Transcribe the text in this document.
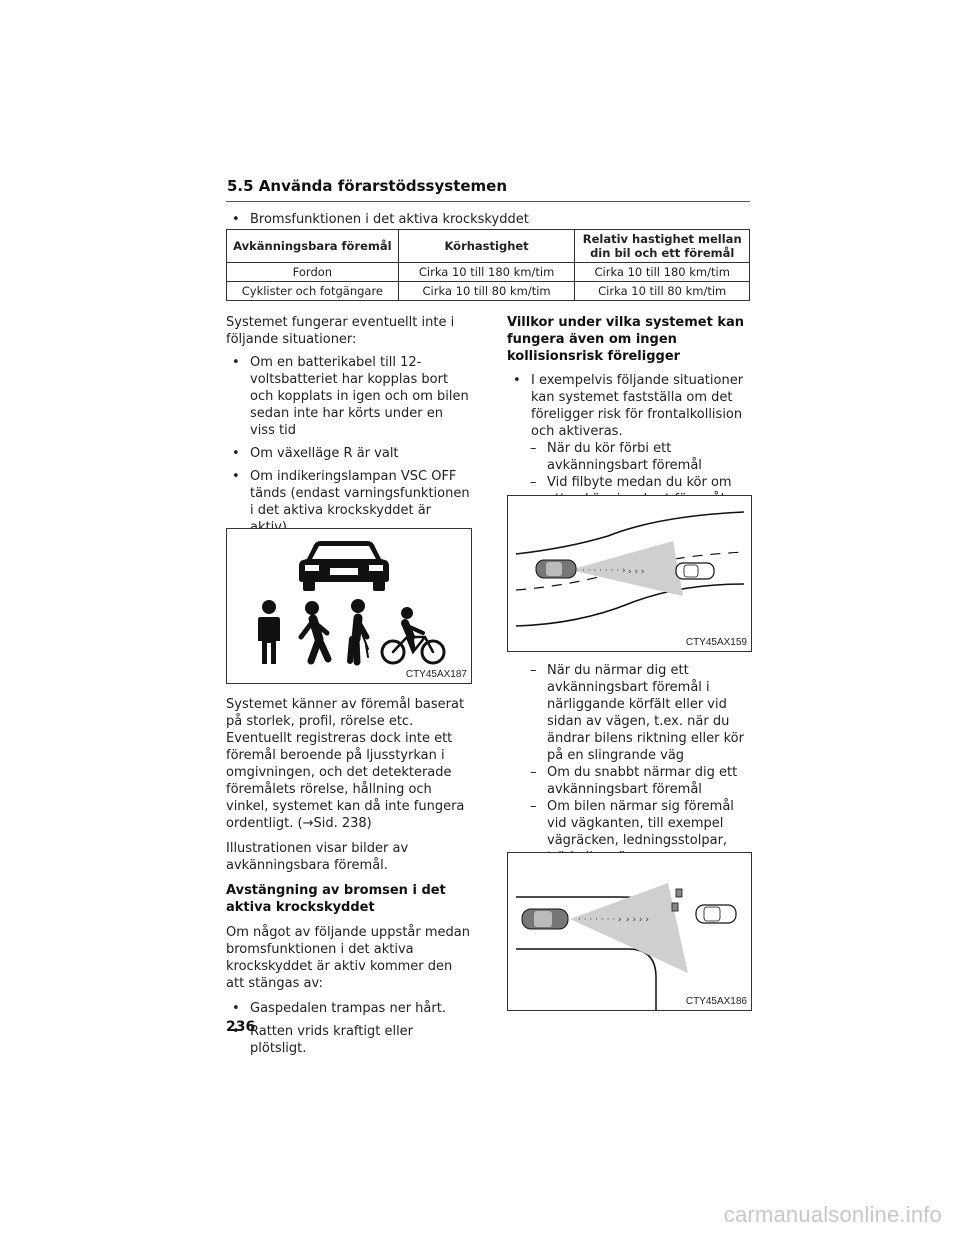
5.5 Använda förarstödssystemen
• Bromsfunktionen i det aktiva krockskyddet
Avkänningsbara föremål	Körhastighet	Relativ hastighet mellan din bil och ett föremål
Fordon	Cirka 10 till 180 km/tim	Cirka 10 till 180 km/tim
Cyklister och fotgängare	Cirka 10 till 80 km/tim	Cirka 10 till 80 km/tim
Systemet fungerar eventuellt inte i följande situationer:
• Om en batterikabel till 12-voltsbatteriet har kopplas bort och kopplats in igen och om bilen sedan inte har körts under en viss tid
• Om växelläge R är valt
• Om indikeringslampan VSC OFF tänds (endast varningsfunktionen i det aktiva krockskyddet är
CTY45AX187
Systemet känner av föremål baserat på storlek, profil, rörelse etc. Eventuellt registreras dock inte ett föremål beroende på ljusstyrkan i omgivningen, och det detekterade föremålets rörelse, hållning och vinkel, systemet kan då inte fungera ordentligt. (→Sid. 238)
Illustrationen visar bilder av avkänningsbara föremål.
Avstängning av bromsen i det aktiva krockskyddet
Om något av följande uppstår medan bromsfunktionen i det aktiva krockskyddet är aktiv kommer den att stängas av:
• Gaspedalen trampas ner hårt.
• Ratten vrids kraftigt eller plötsligt.
Villkor under vilka systemet kan fungera även om ingen kollisionsrisk föreligger
• I exempelvis följande situationer kan systemet fastställa om det föreligger risk för frontalkollision och aktiveras.
– När du kör förbi ett avkänningsbart föremål
– Vid filbyte medan du kör om
· · · · · · · › › › ›
CTY45AX159
– När du närmar dig ett avkänningsbart föremål i närliggande körfält eller vid sidan av vägen, t.ex. när du ändrar bilens riktning eller kör på en slingrande väg
– Om du snabbt närmar dig ett avkänningsbart föremål
– Om bilen närmar sig föremål vid vägkanten, till exempel vägräcken, ledningsstolpar,
· · · · · · · › › › › ›
CTY45AX186
236
carmanualsonline.info
